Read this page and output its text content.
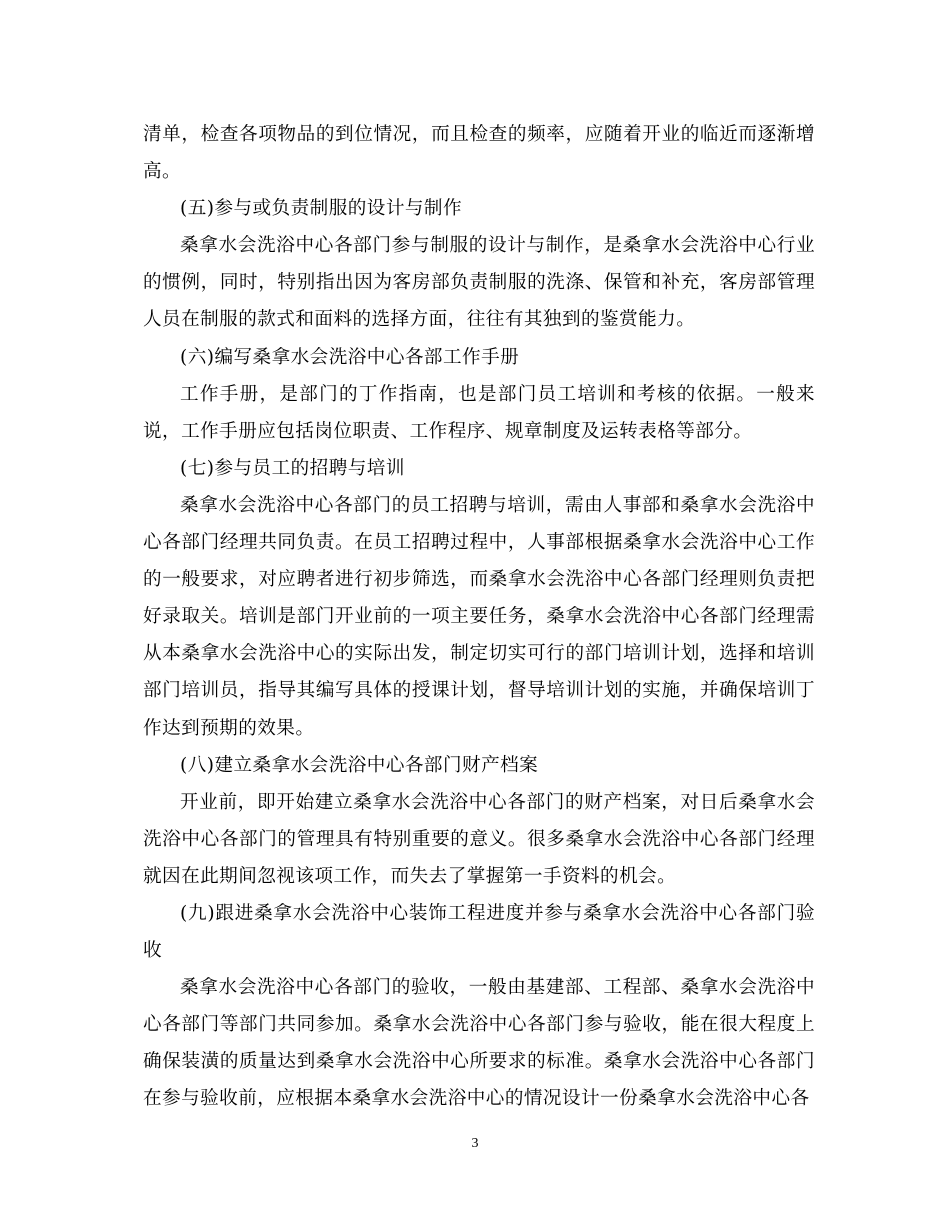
清单，检查各项物品的到位情况，而且检查的频率，应随着开业的临近而逐渐增高。

(五)参与或负责制服的设计与制作

桑拿水会洗浴中心各部门参与制服的设计与制作，是桑拿水会洗浴中心行业的惯例，同时，特别指出因为客房部负责制服的洗涤、保管和补充，客房部管理人员在制服的款式和面料的选择方面，往往有其独到的鉴赏能力。

(六)编写桑拿水会洗浴中心各部工作手册

工作手册，是部门的丁作指南，也是部门员工培训和考核的依据。一般来说，工作手册应包括岗位职责、工作程序、规章制度及运转表格等部分。

(七)参与员工的招聘与培训

桑拿水会洗浴中心各部门的员工招聘与培训，需由人事部和桑拿水会洗浴中心各部门经理共同负责。在员工招聘过程中，人事部根据桑拿水会洗浴中心工作的一般要求，对应聘者进行初步筛选，而桑拿水会洗浴中心各部门经理则负责把好录取关。培训是部门开业前的一项主要任务，桑拿水会洗浴中心各部门经理需从本桑拿水会洗浴中心的实际出发，制定切实可行的部门培训计划，选择和培训部门培训员，指导其编写具体的授课计划，督导培训计划的实施，并确保培训丁作达到预期的效果。

(八)建立桑拿水会洗浴中心各部门财产档案

开业前，即开始建立桑拿水会洗浴中心各部门的财产档案，对日后桑拿水会洗浴中心各部门的管理具有特别重要的意义。很多桑拿水会洗浴中心各部门经理就因在此期间忽视该项工作，而失去了掌握第一手资料的机会。

(九)跟进桑拿水会洗浴中心装饰工程进度并参与桑拿水会洗浴中心各部门验收

桑拿水会洗浴中心各部门的验收，一般由基建部、工程部、桑拿水会洗浴中心各部门等部门共同参加。桑拿水会洗浴中心各部门参与验收，能在很大程度上确保装潢的质量达到桑拿水会洗浴中心所要求的标准。桑拿水会洗浴中心各部门在参与验收前，应根据本桑拿水会洗浴中心的情况设计一份桑拿水会洗浴中心各

3
